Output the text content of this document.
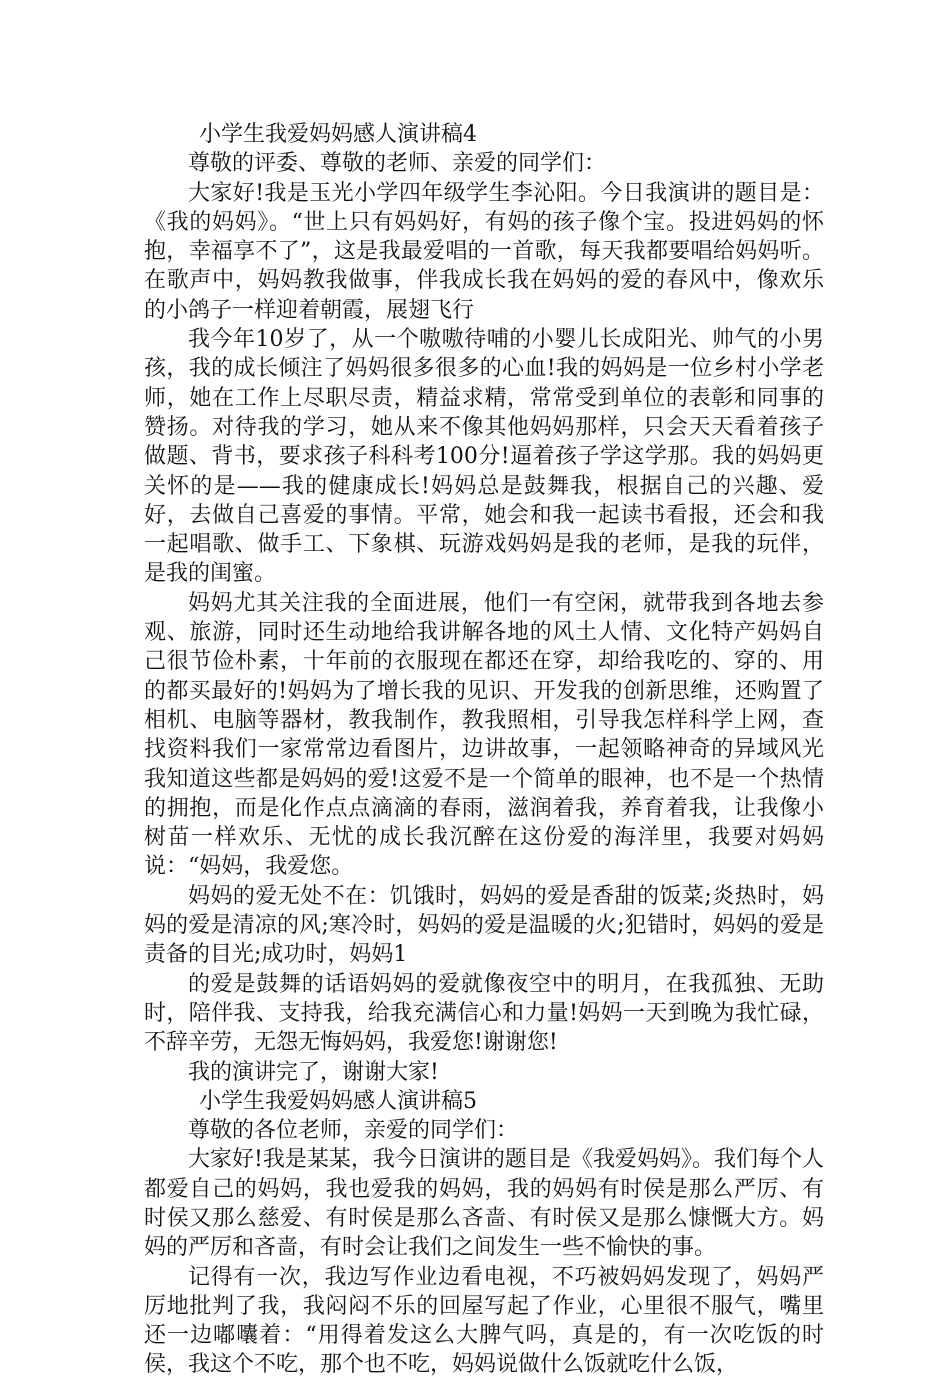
小学生我爱妈妈感人演讲稿4

尊敬的评委、尊敬的老师、亲爱的同学们：

大家好!我是玉光小学四年级学生李沁阳。今日我演讲的题目是：《我的妈妈》。“世上只有妈妈好，有妈的孩子像个宝。投进妈妈的怀抱，幸福享不了”，这是我最爱唱的一首歌，每天我都要唱给妈妈听。在歌声中，妈妈教我做事，伴我成长我在妈妈的爱的春风中，像欢乐的小鸽子一样迎着朝霞，展翅飞行

我今年10岁了，从一个嗷嗷待哺的小婴儿长成阳光、帅气的小男孩，我的成长倾注了妈妈很多很多的心血!我的妈妈是一位乡村小学老师，她在工作上尽职尽责，精益求精，常常受到单位的表彰和同事的赞扬。对待我的学习，她从来不像其他妈妈那样，只会天天看着孩子做题、背书，要求孩子科科考100分!逼着孩子学这学那。我的妈妈更关怀的是——我的健康成长!妈妈总是鼓舞我，根据自己的兴趣、爱好，去做自己喜爱的事情。平常，她会和我一起读书看报，还会和我一起唱歌、做手工、下象棋、玩游戏妈妈是我的老师，是我的玩伴，是我的闺蜜。

妈妈尤其关注我的全面进展，他们一有空闲，就带我到各地去参观、旅游，同时还生动地给我讲解各地的风土人情、文化特产妈妈自己很节俭朴素，十年前的衣服现在都还在穿，却给我吃的、穿的、用的都买最好的!妈妈为了增长我的见识、开发我的创新思维，还购置了相机、电脑等器材，教我制作，教我照相，引导我怎样科学上网，查找资料我们一家常常边看图片，边讲故事，一起领略神奇的异域风光我知道这些都是妈妈的爱!这爱不是一个简单的眼神，也不是一个热情的拥抱，而是化作点点滴滴的春雨，滋润着我，养育着我，让我像小树苗一样欢乐、无忧的成长我沉醉在这份爱的海洋里，我要对妈妈说：“妈妈，我爱您。

妈妈的爱无处不在：饥饿时，妈妈的爱是香甜的饭菜;炎热时，妈妈的爱是清凉的风;寒冷时，妈妈的爱是温暖的火;犯错时，妈妈的爱是责备的目光;成功时，妈妈1

的爱是鼓舞的话语妈妈的爱就像夜空中的明月，在我孤独、无助时，陪伴我、支持我，给我充满信心和力量!妈妈一天到晚为我忙碌，不辞辛劳，无怨无悔妈妈，我爱您!谢谢您!

我的演讲完了，谢谢大家!

小学生我爱妈妈感人演讲稿5

尊敬的各位老师，亲爱的同学们：

大家好!我是某某，我今日演讲的题目是《我爱妈妈》。我们每个人都爱自己的妈妈，我也爱我的妈妈，我的妈妈有时侯是那么严厉、有时侯又那么慈爱、有时侯是那么吝啬、有时侯又是那么慷慨大方。妈妈的严厉和吝啬，有时会让我们之间发生一些不愉快的事。

记得有一次，我边写作业边看电视，不巧被妈妈发现了，妈妈严厉地批判了我，我闷闷不乐的回屋写起了作业，心里很不服气，嘴里还一边嘟囔着：“用得着发这么大脾气吗，真是的，有一次吃饭的时侯，我这个不吃，那个也不吃，妈妈说做什么饭就吃什么饭，
